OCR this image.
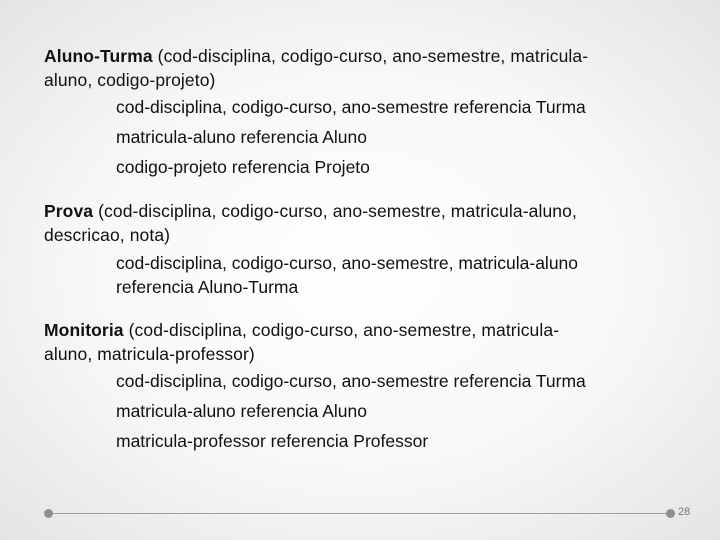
Aluno-Turma (cod-disciplina, codigo-curso, ano-semestre, matricula-
aluno, codigo-projeto)
cod-disciplina, codigo-curso, ano-semestre referencia Turma
matricula-aluno referencia Aluno
codigo-projeto referencia Projeto
Prova (cod-disciplina, codigo-curso, ano-semestre, matricula-aluno,
descricao, nota)
cod-disciplina, codigo-curso, ano-semestre, matricula-aluno
referencia Aluno-Turma
Monitoria (cod-disciplina, codigo-curso, ano-semestre, matricula-
aluno, matricula-professor)
cod-disciplina, codigo-curso, ano-semestre referencia Turma
matricula-aluno referencia Aluno
matricula-professor referencia Professor
28
